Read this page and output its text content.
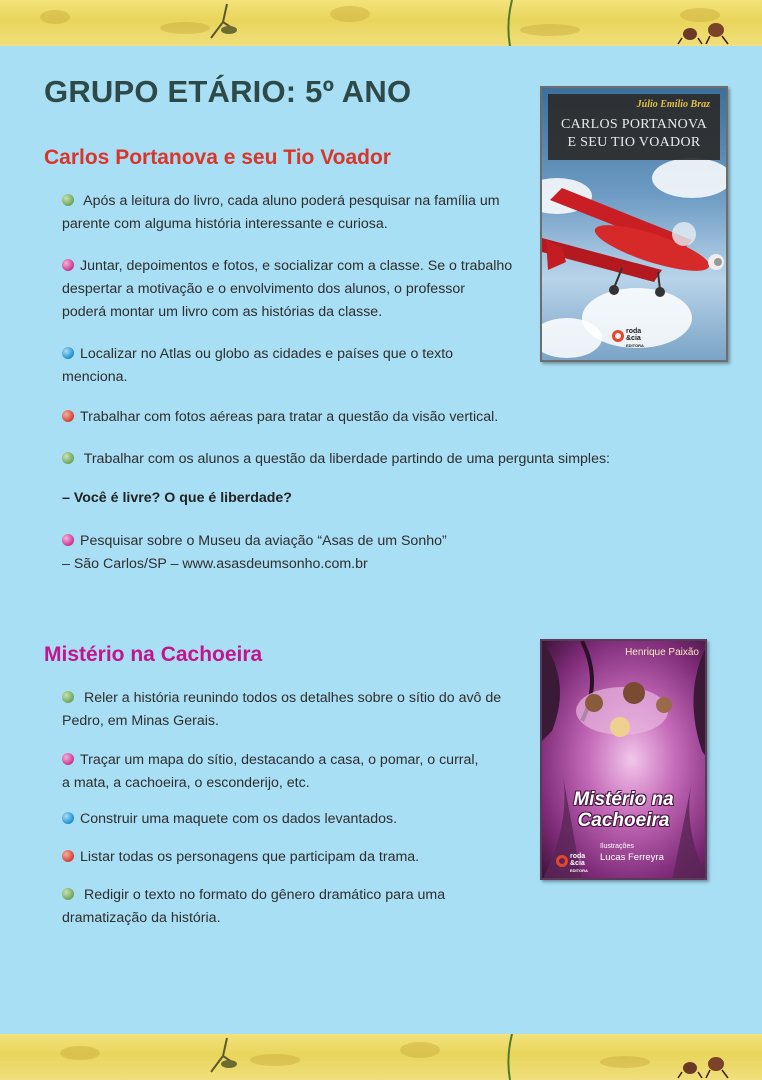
GRUPO ETÁRIO: 5º ANO
Carlos Portanova e seu Tio Voador
Após a leitura do livro, cada aluno poderá pesquisar na família um
parente com alguma história interessante e curiosa.
Juntar, depoimentos e fotos, e socializar com a classe. Se o trabalho
despertar a motivação e o envolvimento dos alunos, o professor
poderá montar um livro com as histórias da classe.
Localizar no Atlas ou globo as cidades e países que o texto
menciona.
Trabalhar com fotos aéreas para tratar a questão da visão vertical.
Trabalhar com os alunos a questão da liberdade partindo de uma pergunta simples:
– Você é livre? O que é liberdade?
Pesquisar sobre o Museu da aviação “Asas de um Sonho”
– São Carlos/SP – www.asasdeumsonho.com.br
Júlio Emílio Braz
CARLOS PORTANOVA
E SEU TIO VOADOR
roda
&cia
EDITORA
Mistério na Cachoeira
Reler a história reunindo todos os detalhes sobre o sítio do avô de
Pedro, em Minas Gerais.
Traçar um mapa do sítio, destacando a casa, o pomar, o curral,
a mata, a cachoeira, o esconderijo, etc.
Construir uma maquete com os dados levantados.
Listar todas os personagens que participam da trama.
Redigir o texto no formato do gênero dramático para uma
dramatização da história.
Henrique Paixão
Mistério na
Cachoeira
Ilustrações
Lucas Ferreyra
roda
&cia
EDITORA
